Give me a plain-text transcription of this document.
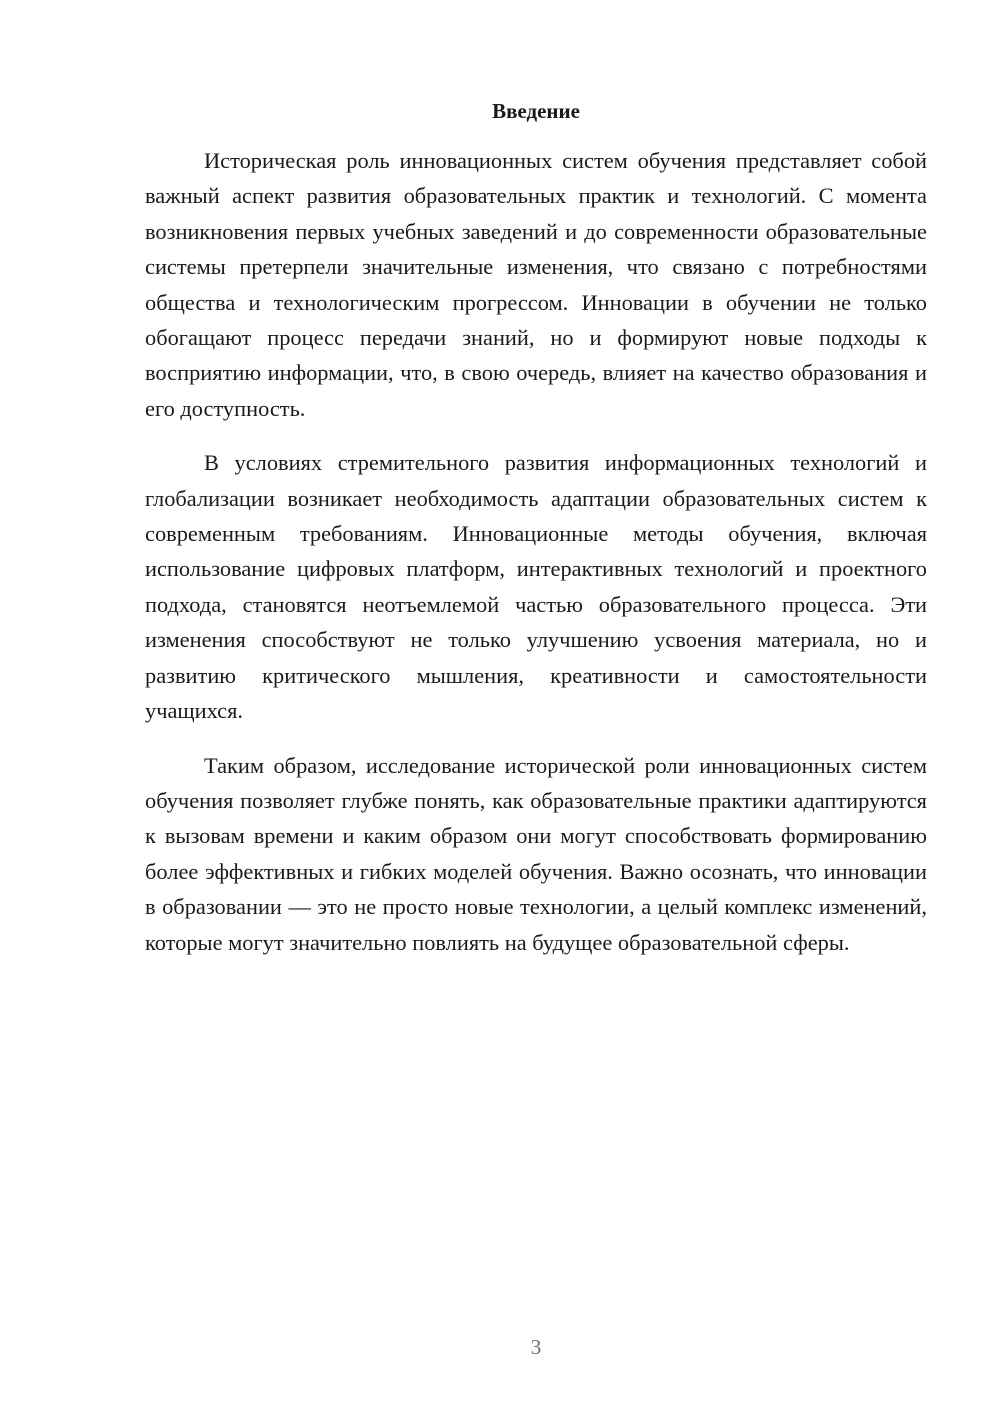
Введение

Историческая роль инновационных систем обучения представляет собой важный аспект развития образовательных практик и технологий. С момента возникновения первых учебных заведений и до современности образовательные системы претерпели значительные изменения, что связано с потребностями общества и технологическим прогрессом. Инновации в обучении не только обогащают процесс передачи знаний, но и формируют новые подходы к восприятию информации, что, в свою очередь, влияет на качество образования и его доступность.

В условиях стремительного развития информационных технологий и глобализации возникает необходимость адаптации образовательных систем к современным требованиям. Инновационные методы обучения, включая использование цифровых платформ, интерактивных технологий и проектного подхода, становятся неотъемлемой частью образовательного процесса. Эти изменения способствуют не только улучшению усвоения материала, но и развитию критического мышления, креативности и самостоятельности учащихся.

Таким образом, исследование исторической роли инновационных систем обучения позволяет глубже понять, как образовательные практики адаптируются к вызовам времени и каким образом они могут способствовать формированию более эффективных и гибких моделей обучения. Важно осознать, что инновации в образовании — это не просто новые технологии, а целый комплекс изменений, которые могут значительно повлиять на будущее образовательной сферы.

3
